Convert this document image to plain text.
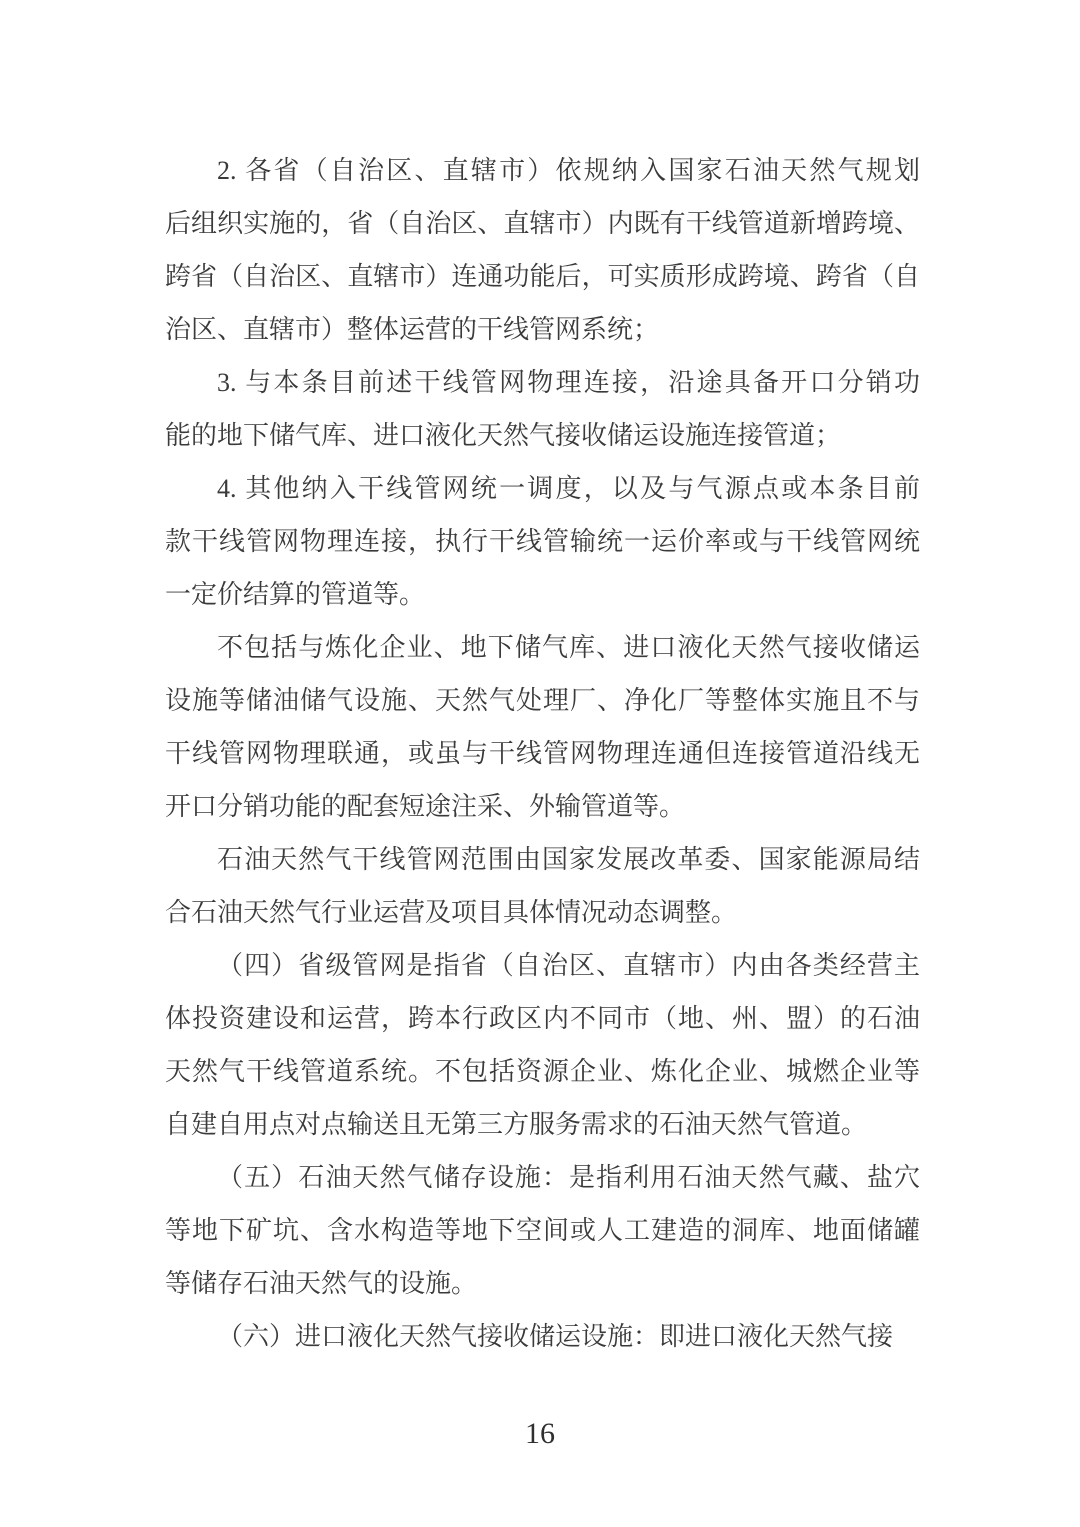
2. 各省（自治区、直辖市）依规纳入国家石油天然气规划
后组织实施的，省（自治区、直辖市）内既有干线管道新增跨境、
跨省（自治区、直辖市）连通功能后，可实质形成跨境、跨省（自
治区、直辖市）整体运营的干线管网系统；
3. 与本条目前述干线管网物理连接，沿途具备开口分销功
能的地下储气库、进口液化天然气接收储运设施连接管道；
4. 其他纳入干线管网统一调度，以及与气源点或本条目前
款干线管网物理连接，执行干线管输统一运价率或与干线管网统
一定价结算的管道等。
不包括与炼化企业、地下储气库、进口液化天然气接收储运
设施等储油储气设施、天然气处理厂、净化厂等整体实施且不与
干线管网物理联通，或虽与干线管网物理连通但连接管道沿线无
开口分销功能的配套短途注采、外输管道等。
石油天然气干线管网范围由国家发展改革委、国家能源局结
合石油天然气行业运营及项目具体情况动态调整。
（四）省级管网是指省（自治区、直辖市）内由各类经营主
体投资建设和运营，跨本行政区内不同市（地、州、盟）的石油
天然气干线管道系统。不包括资源企业、炼化企业、城燃企业等
自建自用点对点输送且无第三方服务需求的石油天然气管道。
（五）石油天然气储存设施：是指利用石油天然气藏、盐穴
等地下矿坑、含水构造等地下空间或人工建造的洞库、地面储罐
等储存石油天然气的设施。
（六）进口液化天然气接收储运设施：即进口液化天然气接
16
